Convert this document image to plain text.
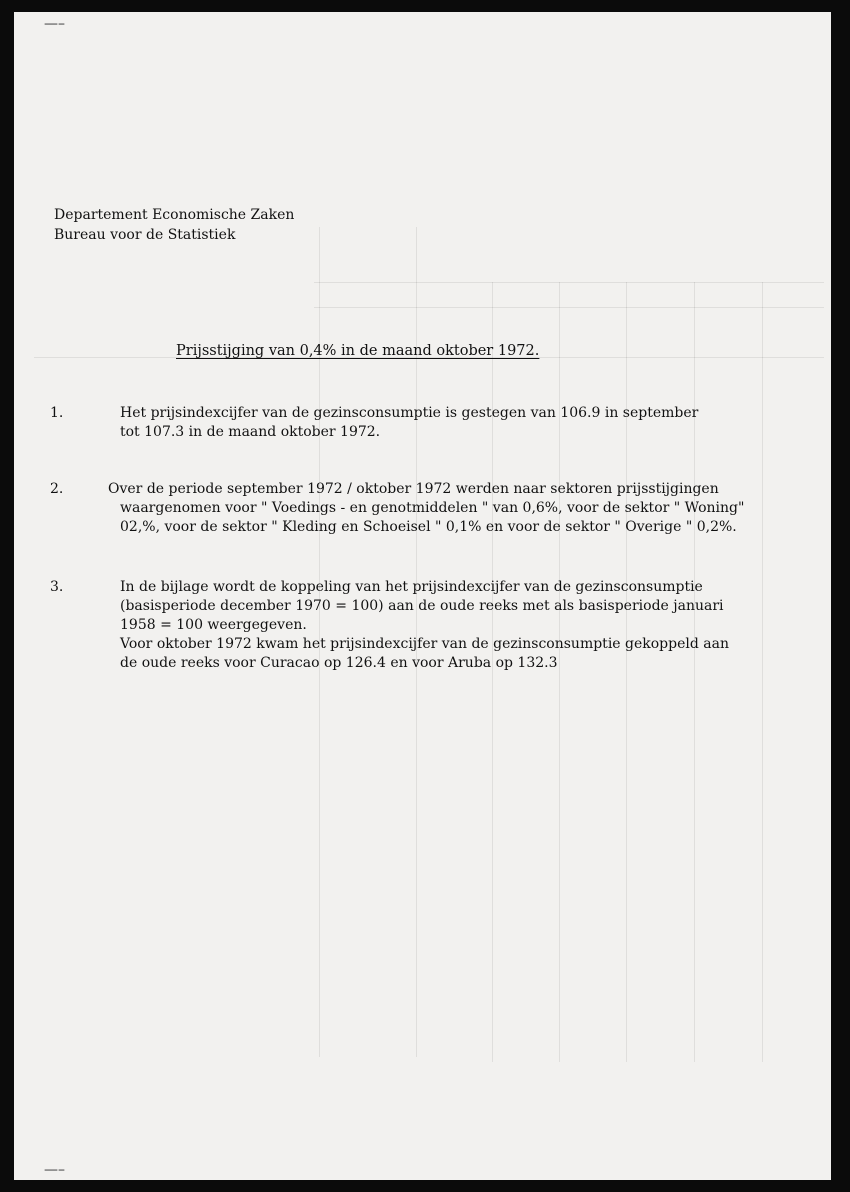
Departement Economische Zaken
Bureau voor de Statistiek
Prijsstijging van 0,4% in de maand oktober 1972.
1.	Het prijsindexcijfer van de gezinsconsumptie is gestegen van 106.9 in september

tot 107.3 in de maand oktober 1972.

2.	Over de periode september 1972 / oktober 1972 werden naar sektoren prijsstijgingen

waargenomen voor " Voedings - en genotmiddelen " van 0,6%, voor de sektor " Woning"

02,%, voor de sektor " Kleding en Schoeisel " 0,1% en voor de sektor " Overige " 0,2%.

3.	In de bijlage wordt de koppeling van het prijsindexcijfer van de gezinsconsumptie

(basisperiode december 1970 = 100) aan de oude reeks met als basisperiode januari

1958 = 100 weergegeven.

Voor oktober 1972 kwam het prijsindexcijfer van de gezinsconsumptie gekoppeld aan

de oude reeks voor Curacao op 126.4 en voor Aruba op 132.3

—–
—–
